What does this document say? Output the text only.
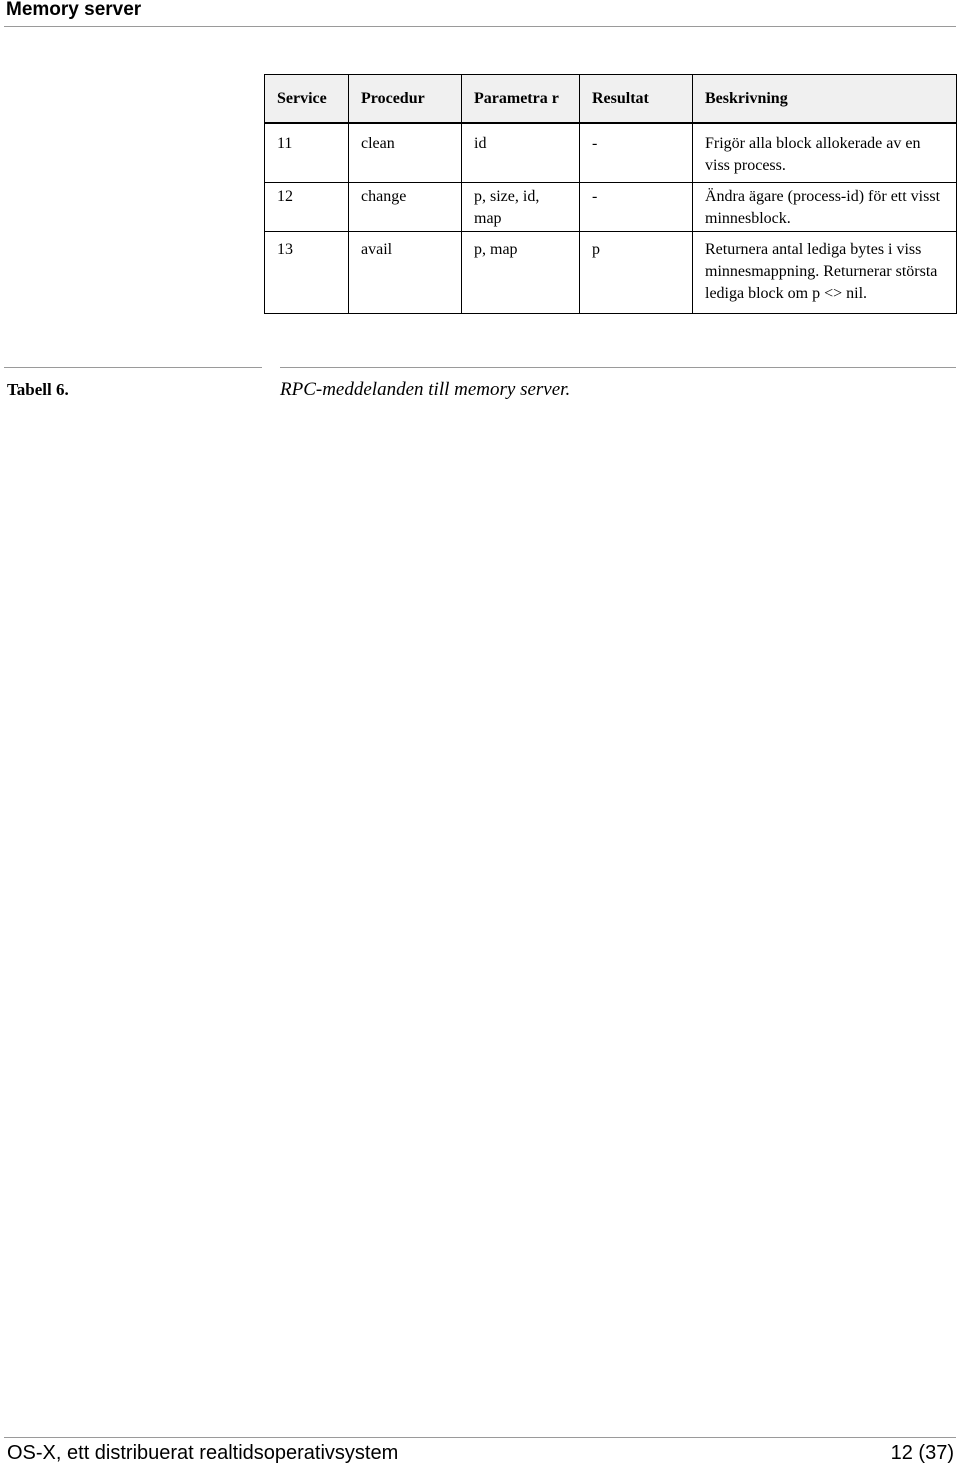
Memory server
Service	Procedur	Parametra r	Resultat	Beskrivning
11	clean	id	-	Frigör alla block allokerade av en viss process.
12	change	p, size, id, map	-	Ändra ägare (process-id) för ett visst minnesblock.
13	avail	p, map	p	Returnera antal lediga bytes i viss minnesmappning. Returnerar största lediga block om p <> nil.
Tabell 6.	RPC-meddelanden till memory server.
OS-X, ett distribuerat realtidsoperativsystem	12 (37)
